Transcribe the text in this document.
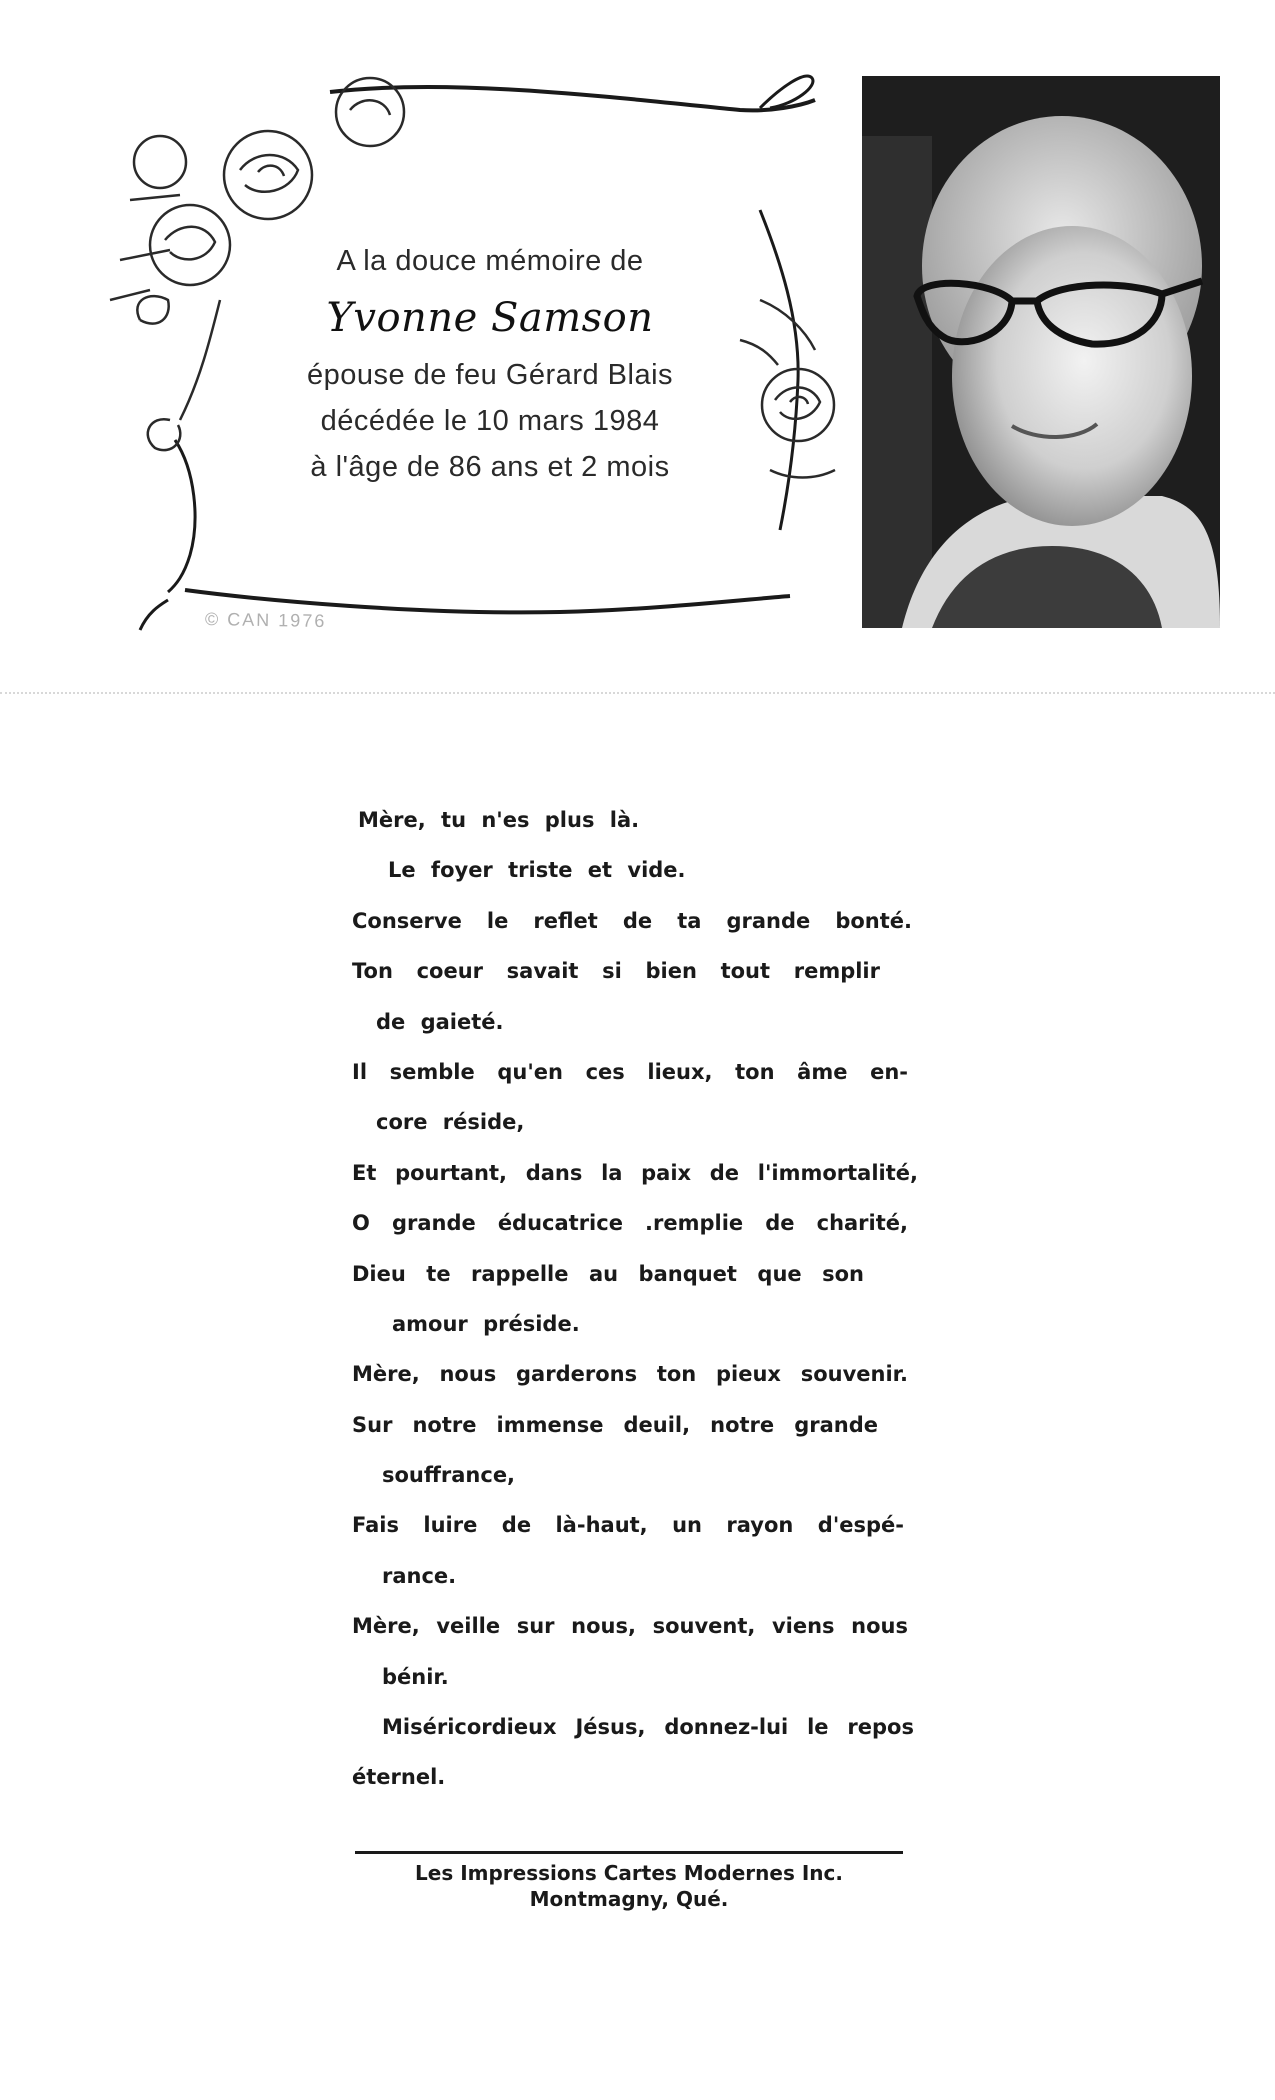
A la douce mémoire de
Yvonne Samson
épouse de feu Gérard Blais
décédée le 10 mars 1984
à l'âge de 86 ans et 2 mois
© CAN 1976
Mère, tu n'es plus là.
Le foyer triste et vide.
Conserve le reflet de ta grande bonté.
Ton coeur savait si bien tout remplir
de gaieté.
Il semble qu'en ces lieux, ton âme en-
core réside,
Et pourtant, dans la paix de l'immortalité,
O grande éducatrice .remplie de charité,
Dieu te rappelle au banquet que son
amour préside.
Mère, nous garderons ton pieux souvenir.
Sur notre immense deuil, notre grande
souffrance,
Fais luire de là-haut, un rayon d'espé-
rance.
Mère, veille sur nous, souvent, viens nous
bénir.
Miséricordieux Jésus, donnez-lui le repos
éternel.
Les Impressions Cartes Modernes Inc.
Montmagny, Qué.
